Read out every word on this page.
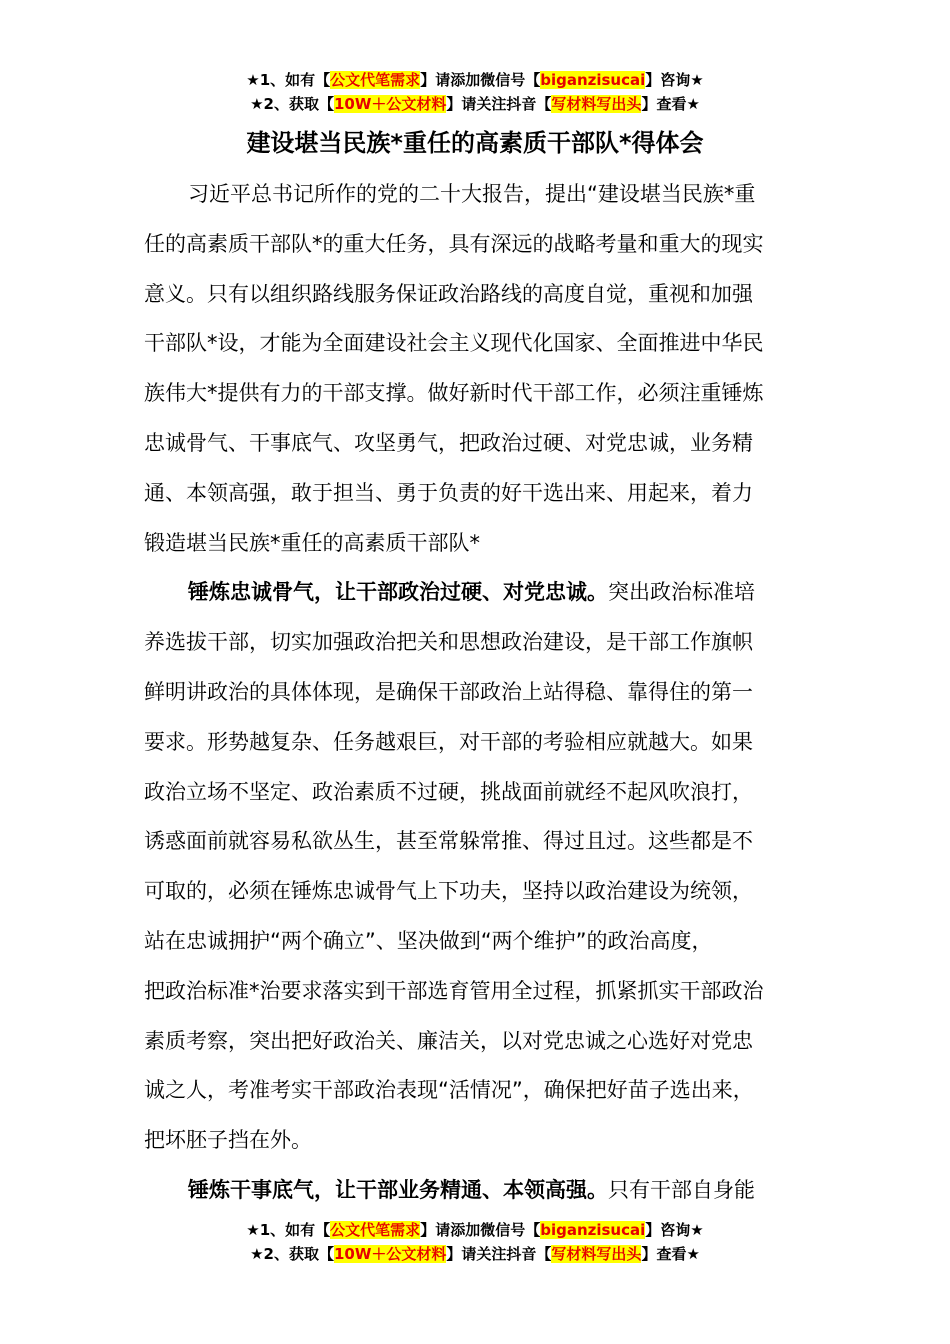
★1、如有【公文代笔需求】请添加微信号【biganzisucai】咨询★
★2、获取【10W＋公文材料】请关注抖音【写材料写出头】查看★
建设堪当民族*重任的高素质干部队*得体会
习近平总书记所作的党的二十大报告，提出“建设堪当民族*重
任的高素质干部队*的重大任务，具有深远的战略考量和重大的现实
意义。只有以组织路线服务保证政治路线的高度自觉，重视和加强
干部队*设，才能为全面建设社会主义现代化国家、全面推进中华民
族伟大*提供有力的干部支撑。做好新时代干部工作，必须注重锤炼
忠诚骨气、干事底气、攻坚勇气，把政治过硬、对党忠诚，业务精
通、本领高强，敢于担当、勇于负责的好干选出来、用起来，着力
锻造堪当民族*重任的高素质干部队*
锤炼忠诚骨气，让干部政治过硬、对党忠诚。突出政治标准培
养选拔干部，切实加强政治把关和思想政治建设，是干部工作旗帜
鲜明讲政治的具体体现，是确保干部政治上站得稳、靠得住的第一
要求。形势越复杂、任务越艰巨，对干部的考验相应就越大。如果
政治立场不坚定、政治素质不过硬，挑战面前就经不起风吹浪打，
诱惑面前就容易私欲丛生，甚至常躲常推、得过且过。这些都是不
可取的，必须在锤炼忠诚骨气上下功夫，坚持以政治建设为统领，
站在忠诚拥护“两个确立”、坚决做到“两个维护”的政治高度，
把政治标准*治要求落实到干部选育管用全过程，抓紧抓实干部政治
素质考察，突出把好政治关、廉洁关，以对党忠诚之心选好对党忠
诚之人，考准考实干部政治表现“活情况”，确保把好苗子选出来，
把坏胚子挡在外。
锤炼干事底气，让干部业务精通、本领高强。只有干部自身能
★1、如有【公文代笔需求】请添加微信号【biganzisucai】咨询★
★2、获取【10W＋公文材料】请关注抖音【写材料写出头】查看★
